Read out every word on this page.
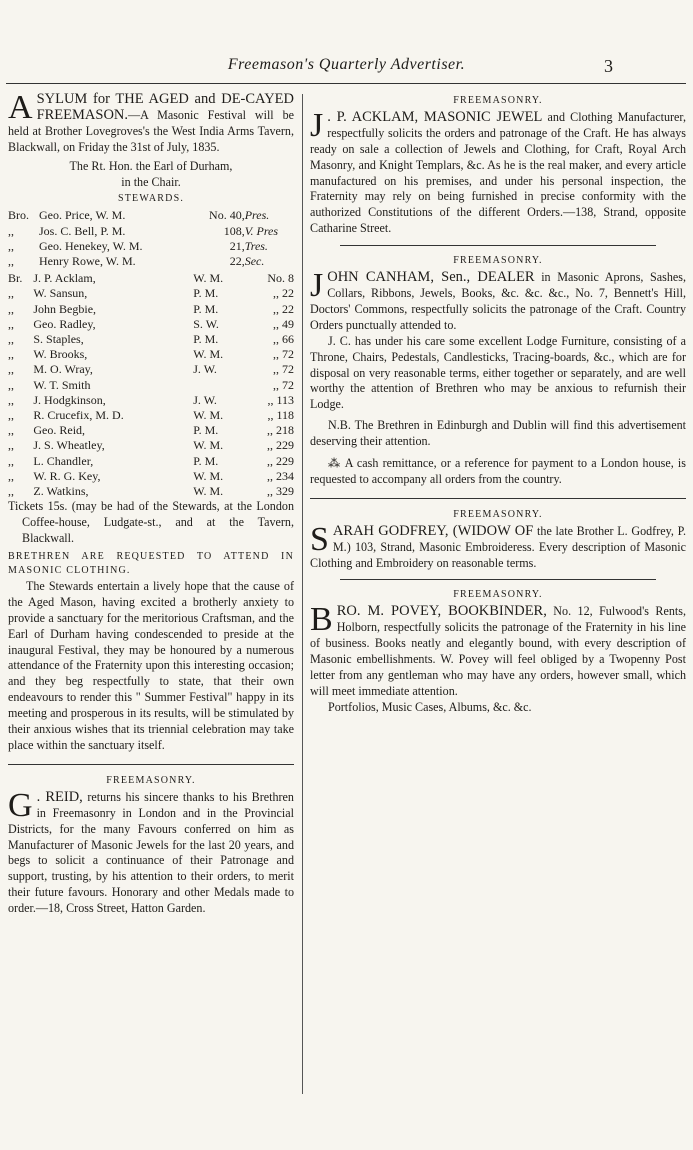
Freemason's Quarterly Advertiser.	3

ASYLUM for THE AGED and DE-CAYED FREEMASON.—A Masonic Festival will be held at Brother Lovegroves's the West India Arms Tavern, Blackwall, on Friday the 31st of July, 1835.

The Rt. Hon. the Earl of Durham,

in the Chair.

STEWARDS.
Bro.	Geo. Price, W. M.	No. 40,	Pres.
,,	Jos. C. Bell, P. M.	108,	V. Pres
,,	Geo. Henekey, W. M.	21,	Tres.
,,	Henry Rowe, W. M.	22,	Sec.
Br.	J. P. Acklam,	W. M.	No. 8
,,	W. Sansun,	P. M.	,, 22
,,	John Begbie,	P. M.	,, 22
,,	Geo. Radley,	S. W.	,, 49
,,	S. Staples,	P. M.	,, 66
,,	W. Brooks,	W. M.	,, 72
,,	M. O. Wray,	J. W.	,, 72
,,	W. T. Smith		,, 72
,,	J. Hodgkinson,	J. W.	,, 113
,,	R. Crucefix, M. D.	W. M.	,, 118
,,	Geo. Reid,	P. M.	,, 218
,,	J. S. Wheatley,	W. M.	,, 229
,,	L. Chandler,	P. M.	,, 229
,,	W. R. G. Key,	W. M.	,, 234
,,	Z. Watkins,	W. M.	,, 329

Tickets 15s. (may be had of the Stewards, at the London Coffee-house, Ludgate-st., and at the Tavern, Blackwall.

BRETHREN ARE REQUESTED TO ATTEND IN MASONIC CLOTHING.

The Stewards entertain a lively hope that the cause of the Aged Mason, having excited a brotherly anxiety to provide a sanctuary for the meritorious Craftsman, and the Earl of Durham having condescended to preside at the inaugural Festival, they may be honoured by a numerous attendance of the Fraternity upon this interesting occasion; and they beg respectfully to state, that their own endeavours to render this " Summer Festival" happy in its meeting and prosperous in its results, will be stimulated by their anxious wishes that its triennial celebration may take place within the sanctuary itself.

FREEMASONRY.

G . REID, returns his sincere thanks to his Brethren in Freemasonry in London and in the Provincial Districts, for the many Favours conferred on him as Manufacturer of Masonic Jewels for the last 20 years, and begs to solicit a continuance of their Patronage and support, trusting, by his attention to their orders, to merit their future favours. Honorary and other Medals made to order.—18, Cross Street, Hatton Garden.

FREEMASONRY.

J . P. ACKLAM, MASONIC JEWEL and Clothing Manufacturer, respectfully solicits the orders and patronage of the Craft. He has always ready on sale a collection of Jewels and Clothing, for Craft, Royal Arch Masonry, and Knight Templars, &c. As he is the real maker, and every article manufactured on his premises, and under his personal inspection, the Fraternity may rely on being furnished in precise conformity with the authorized Constitutions of the different Orders.—138, Strand, opposite Catharine Street.

FREEMASONRY.

JOHN CANHAM, Sen., DEALER in Masonic Aprons, Sashes, Collars, Ribbons, Jewels, Books, &c. &c. &c., No. 7, Bennett's Hill, Doctors' Commons, respectfully solicits the patronage of the Craft. Country Orders punctually attended to.

J. C. has under his care some excellent Lodge Furniture, consisting of a Throne, Chairs, Pedestals, Candlesticks, Tracing-boards, &c., which are for disposal on very reasonable terms, either together or separately, and are well worthy the attention of Brethren who may be anxious to refurnish their Lodge.

N.B. The Brethren in Edinburgh and Dublin will find this advertisement deserving their attention.

⁂ A cash remittance, or a reference for payment to a London house, is requested to accompany all orders from the country.

FREEMASONRY.

SARAH GODFREY, (WIDOW OF the late Brother L. Godfrey, P. M.) 103, Strand, Masonic Embroideress. Every description of Masonic Clothing and Embroidery on reasonable terms.

FREEMASONRY.

BRO. M. POVEY, BOOKBINDER, No. 12, Fulwood's Rents, Holborn, respectfully solicits the patronage of the Fraternity in his line of business. Books neatly and elegantly bound, with every description of Masonic embellishments. W. Povey will feel obliged by a Twopenny Post letter from any gentleman who may have any orders, however small, which will meet immediate attention.

Portfolios, Music Cases, Albums, &c. &c.
